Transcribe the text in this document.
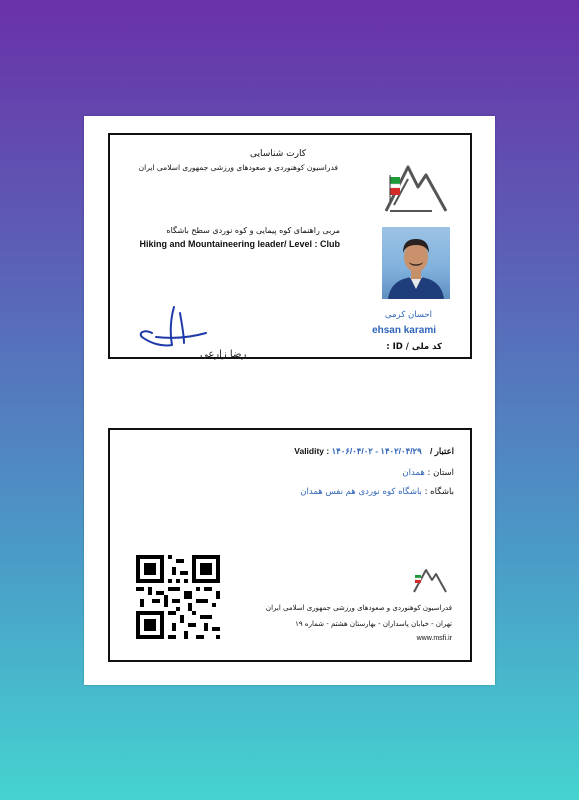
کارت شناسایی
فدراسیون کوهنوردی و صعودهای ورزشی جمهوری اسلامی ایران
مربی راهنمای کوه پیمایی و کوه نوردی سطح باشگاه
Hiking and Mountaineering leader/ Level : Club
احسان کرمی
ehsan karami
کد ملی / ID :
رضا زارعی
اعتبار / Validity : ۱۴۰۶/۰۴/۰۲ - ۱۴۰۲/۰۴/۲۹
استان : همدان
باشگاه : باشگاه کوه نوردی هم نفس همدان
فدراسیون کوهنوردی و صعودهای ورزشی جمهوری اسلامی ایران
تهران - خیابان پاسداران - بهارستان هشتم - شماره ۱۹
www.msfi.ir
